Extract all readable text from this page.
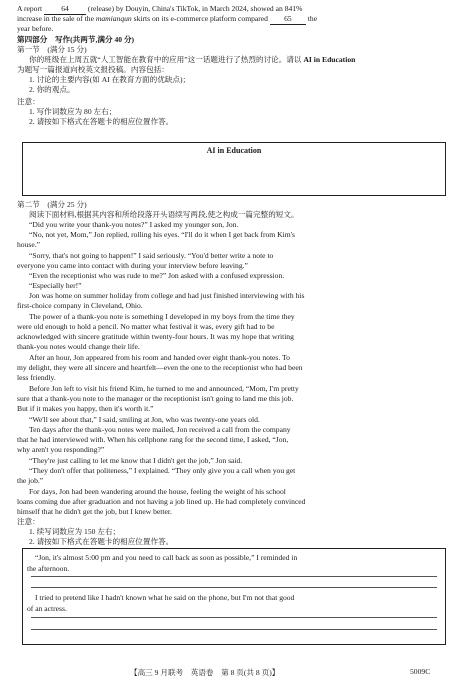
A report	64	(release) by Douyin, China's TikTok, in March 2024, showed an 841%
increase in the sale of the mamianqun skirts on its e-commerce platform compared 65 the
year before.
第四部分　写作(共两节,满分 40 分)
第一节　(满分 15 分)
你的班级在上周五就“人工智能在教育中的应用”这一话题进行了热烈的讨论。请以 AI in Education
为题写一篇报道向校英文报投稿。内容包括：
1. 讨论的主要内容(如 AI 在教育方面的优缺点)；
2. 你的观点。
注意：
1. 写作词数应为 80 左右；
2. 请按如下格式在答题卡的相应位置作答。
AI in Education
第二节　(满分 25 分)
阅读下面材料,根据其内容和所给段落开头语续写两段,使之构成一篇完整的短文。
“Did you write your thank-you notes?” I asked my younger son, Jon.
“No, not yet, Mom,” Jon replied, rolling his eyes. “I'll do it when I get back from Kim's
house.”
“Sorry, that's not going to happen!” I said seriously. “You'd better write a note to
everyone you came into contact with during your interview before leaving.”
“Even the receptionist who was rude to me?” Jon asked with a confused expression.
“Especially her!”
Jon was home on summer holiday from college and had just finished interviewing with his
first-choice company in Cleveland, Ohio.
The power of a thank-you note is something I developed in my boys from the time they
were old enough to hold a pencil. No matter what festival it was, every gift had to be
acknowledged with sincere gratitude within twenty-four hours. It was my hope that writing
thank-you notes would change their life.
After an hour, Jon appeared from his room and handed over eight thank-you notes. To
my delight, they were all sincere and heartfelt—even the one to the receptionist who had been
less friendly.
Before Jon left to visit his friend Kim, he turned to me and announced, “Mom, I'm pretty
sure that a thank-you note to the manager or the receptionist isn't going to land me this job.
But if it makes you happy, then it's worth it.”
“We'll see about that,” I said, smiling at Jon, who was twenty-one years old.
Ten days after the thank-you notes were mailed, Jon received a call from the company
that he had interviewed with. When his cellphone rang for the second time, I asked, “Jon,
why aren't you responding?”
“They're just calling to let me know that I didn't get the job,” Jon said.
“They don't offer that politeness,” I explained. “They only give you a call when you get
the job.”
For days, Jon had been wandering around the house, feeling the weight of his school
loans coming due after graduation and not having a job lined up. He had completely convinced
himself that he didn't get the job, but I knew better.
注意：
1. 续写词数应为 150 左右；
2. 请按如下格式在答题卡的相应位置作答。
“Jon, it's almost 5:00 pm and you need to call back as soon as possible,” I reminded in
the afternoon.
I tried to pretend like I hadn't known what he said on the phone, but I'm not that good
of an actress.
【高三 9 月联考　英语卷　第 8 页(共 8 页)】	5009C
